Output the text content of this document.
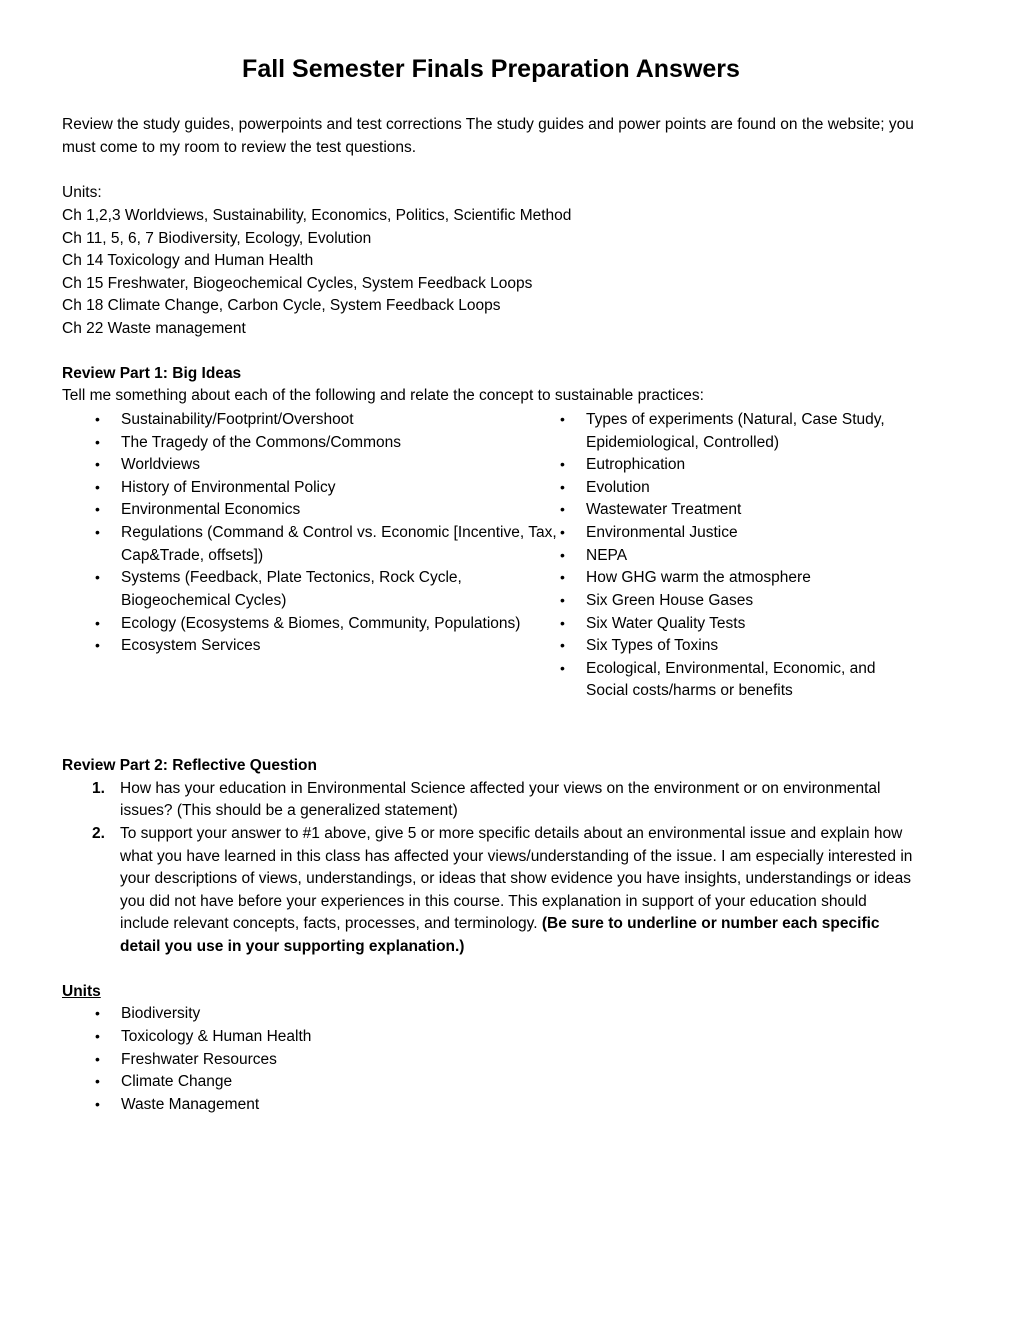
Fall Semester Finals Preparation Answers

Review the study guides, powerpoints and test corrections The study guides and power points are found on the website; you must come to my room to review the test questions.

Units:

Ch 1,2,3 Worldviews, Sustainability, Economics, Politics, Scientific Method

Ch 11, 5, 6, 7 Biodiversity, Ecology, Evolution

Ch 14 Toxicology and Human Health

Ch 15 Freshwater, Biogeochemical Cycles, System Feedback Loops

Ch 18 Climate Change, Carbon Cycle, System Feedback Loops

Ch 22 Waste management

Review Part 1: Big Ideas

Tell me something about each of the following and relate the concept to sustainable practices:

•	Sustainability/Footprint/Overshoot
•	The Tragedy of the Commons/Commons
•	Worldviews
•	History of Environmental Policy
•	Environmental Economics
•	Regulations (Command & Control vs. Economic [Incentive, Tax, Cap&Trade, offsets])
•	Systems (Feedback, Plate Tectonics, Rock Cycle, Biogeochemical Cycles)
•	Ecology (Ecosystems & Biomes, Community, Populations)
•	Ecosystem Services
•	Types of experiments (Natural, Case Study, Epidemiological, Controlled)
•	Eutrophication
•	Evolution
•	Wastewater Treatment
•	Environmental Justice
•	NEPA
•	How GHG warm the atmosphere
•	Six Green House Gases
•	Six Water Quality Tests
•	Six Types of Toxins
•	Ecological, Environmental, Economic, and Social costs/harms or benefits

Review Part 2: Reflective Question

1. How has your education in Environmental Science affected your views on the environment or on environmental issues? (This should be a generalized statement)
2. To support your answer to #1 above, give 5 or more specific details about an environmental issue and explain how what you have learned in this class has affected your views/understanding of the issue. I am especially interested in your descriptions of views, understandings, or ideas that show evidence you have insights, understandings or ideas you did not have before your experiences in this course. This explanation in support of your education should include relevant concepts, facts, processes, and terminology. (Be sure to underline or number each specific detail you use in your supporting explanation.)

Units

•	Biodiversity
•	Toxicology & Human Health
•	Freshwater Resources
•	Climate Change
•	Waste Management
